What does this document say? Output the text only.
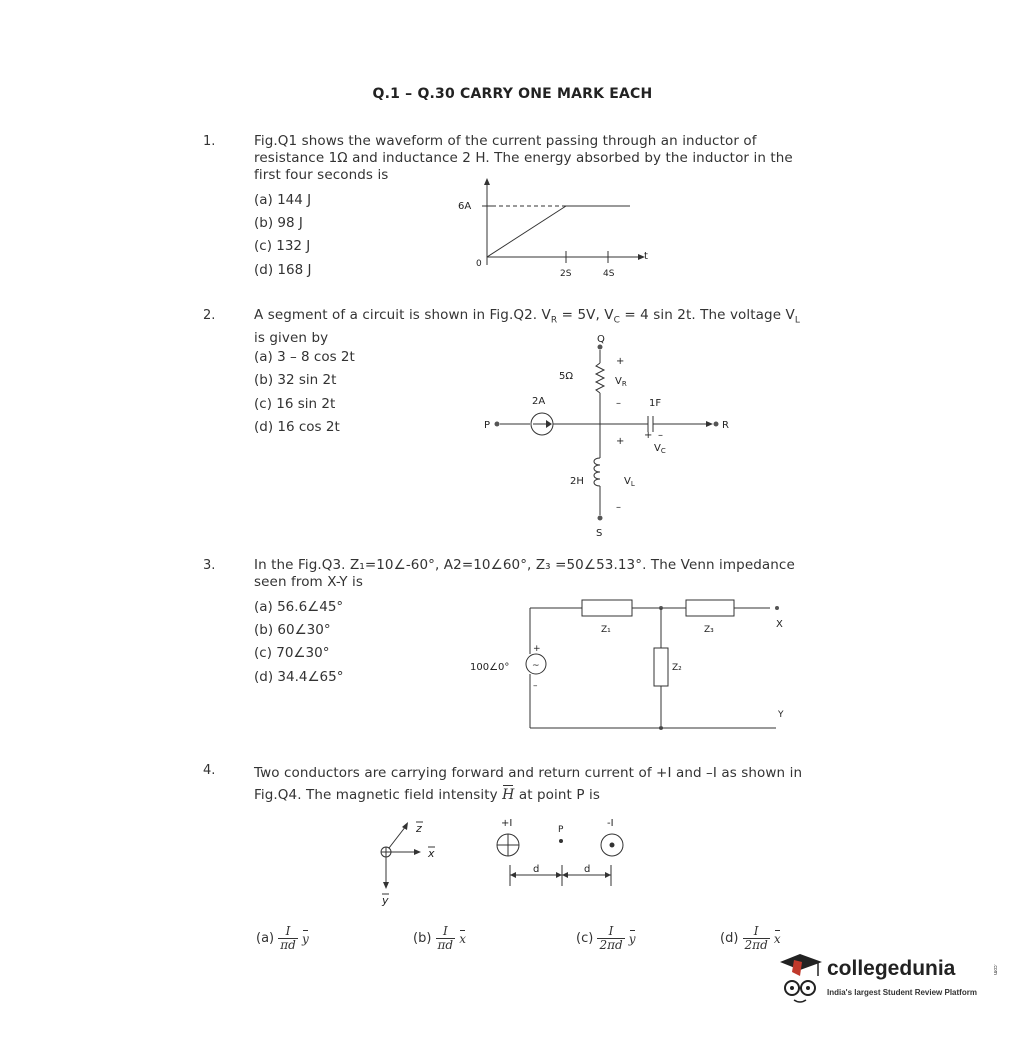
Q.1 – Q.30 CARRY ONE MARK EACH
1.	Fig.Q1 shows the waveform of the current passing through an inductor of
resistance 1Ω and inductance 2 H. The energy absorbed by the inductor in the
first four seconds is
(a) 144 J
(b) 98 J
(c) 132 J
(d) 168 J
6A
0
2S	4S
t
2.	A segment of a circuit is shown in Fig.Q2. $V_R = 5V$, $V_C = 4$ sin 2t. The voltage $V_L$
is given by
(a) 3 – 8 cos 2t
(b) 32 sin 2t
(c) 16 sin 2t
(d) 16 cos 2t
Q
+
$V_R$
5Ω
–
2A	1F
P	R
+ –
$V_C$
+
2H	$V_L$
–
S
3.	In the Fig.Q3. Z₁=10∠-60°, A2=10∠60°, Z₃ =50∠53.13°. The Venn impedance
seen from X-Y is
(a) 56.6∠45°
(b) 60∠30°
(c) 70∠30°
(d) 34.4∠65°
Z₁	Z₃
Z₂
X
Y
100∠0°
+
–
~
4.	Two conductors are carrying forward and return current of +I and –I as shown in
Fig.Q4. The magnetic field intensity H at point P is
z
x
y
+I
P
-I
d	d
$(a) \frac{I}{\pi d}$ y	$(b) \frac{I}{\pi d}$ x	$(c) \frac{I}{2\pi d}$ y	$(d) \frac{I}{2\pi d}$ x
collegedunia
India's largest Student Review Platform
.com
